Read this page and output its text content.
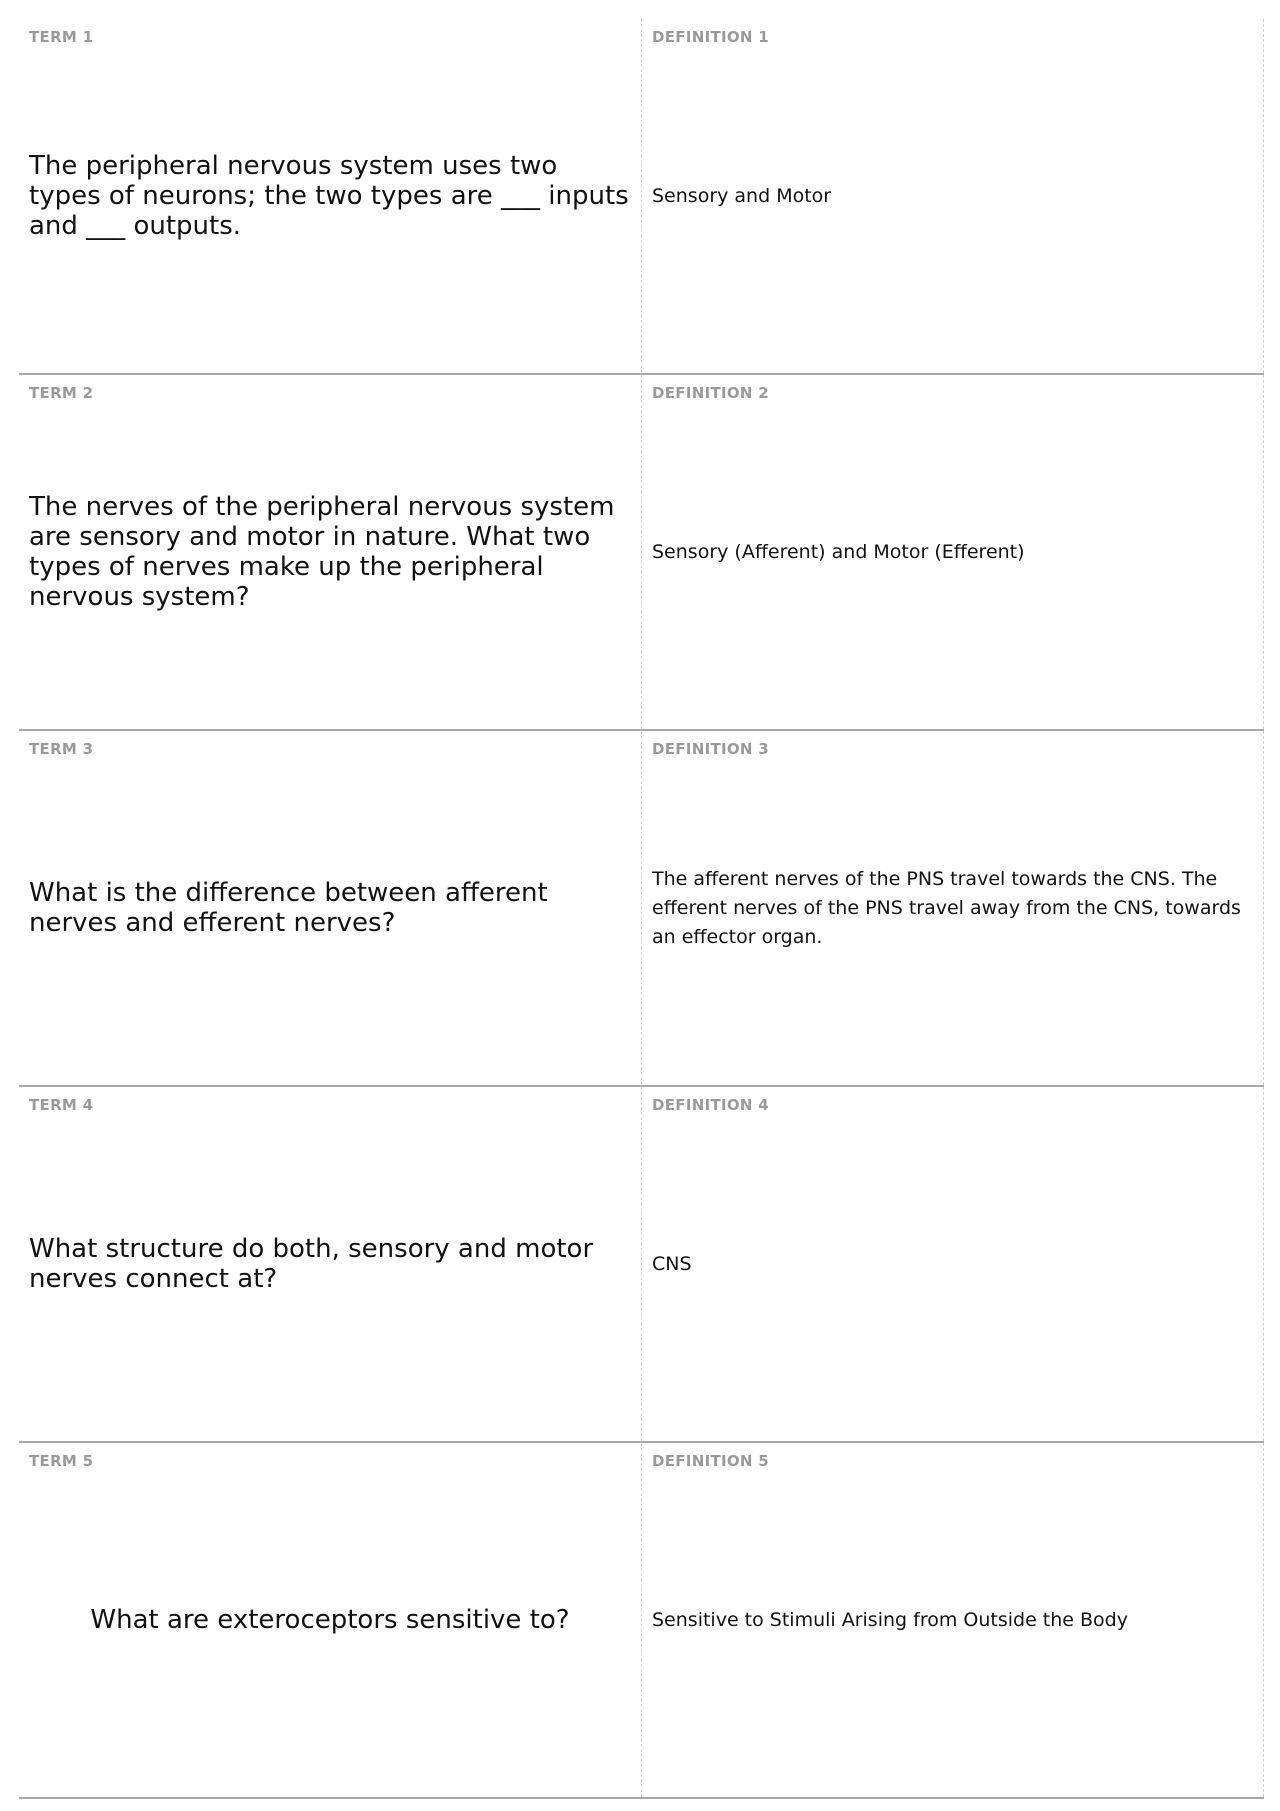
TERM 1
The peripheral nervous system uses two types of neurons; the two types are ___ inputs and ___ outputs.
DEFINITION 1
Sensory and Motor
TERM 2
The nerves of the peripheral nervous system are sensory and motor in nature. What two types of nerves make up the peripheral nervous system?
DEFINITION 2
Sensory (Afferent) and Motor (Efferent)
TERM 3
What is the difference between afferent nerves and efferent nerves?
DEFINITION 3
The afferent nerves of the PNS travel towards the CNS. The efferent nerves of the PNS travel away from the CNS, towards an effector organ.
TERM 4
What structure do both, sensory and motor nerves connect at?
DEFINITION 4
CNS
TERM 5
What are exteroceptors sensitive to?
DEFINITION 5
Sensitive to Stimuli Arising from Outside the Body
